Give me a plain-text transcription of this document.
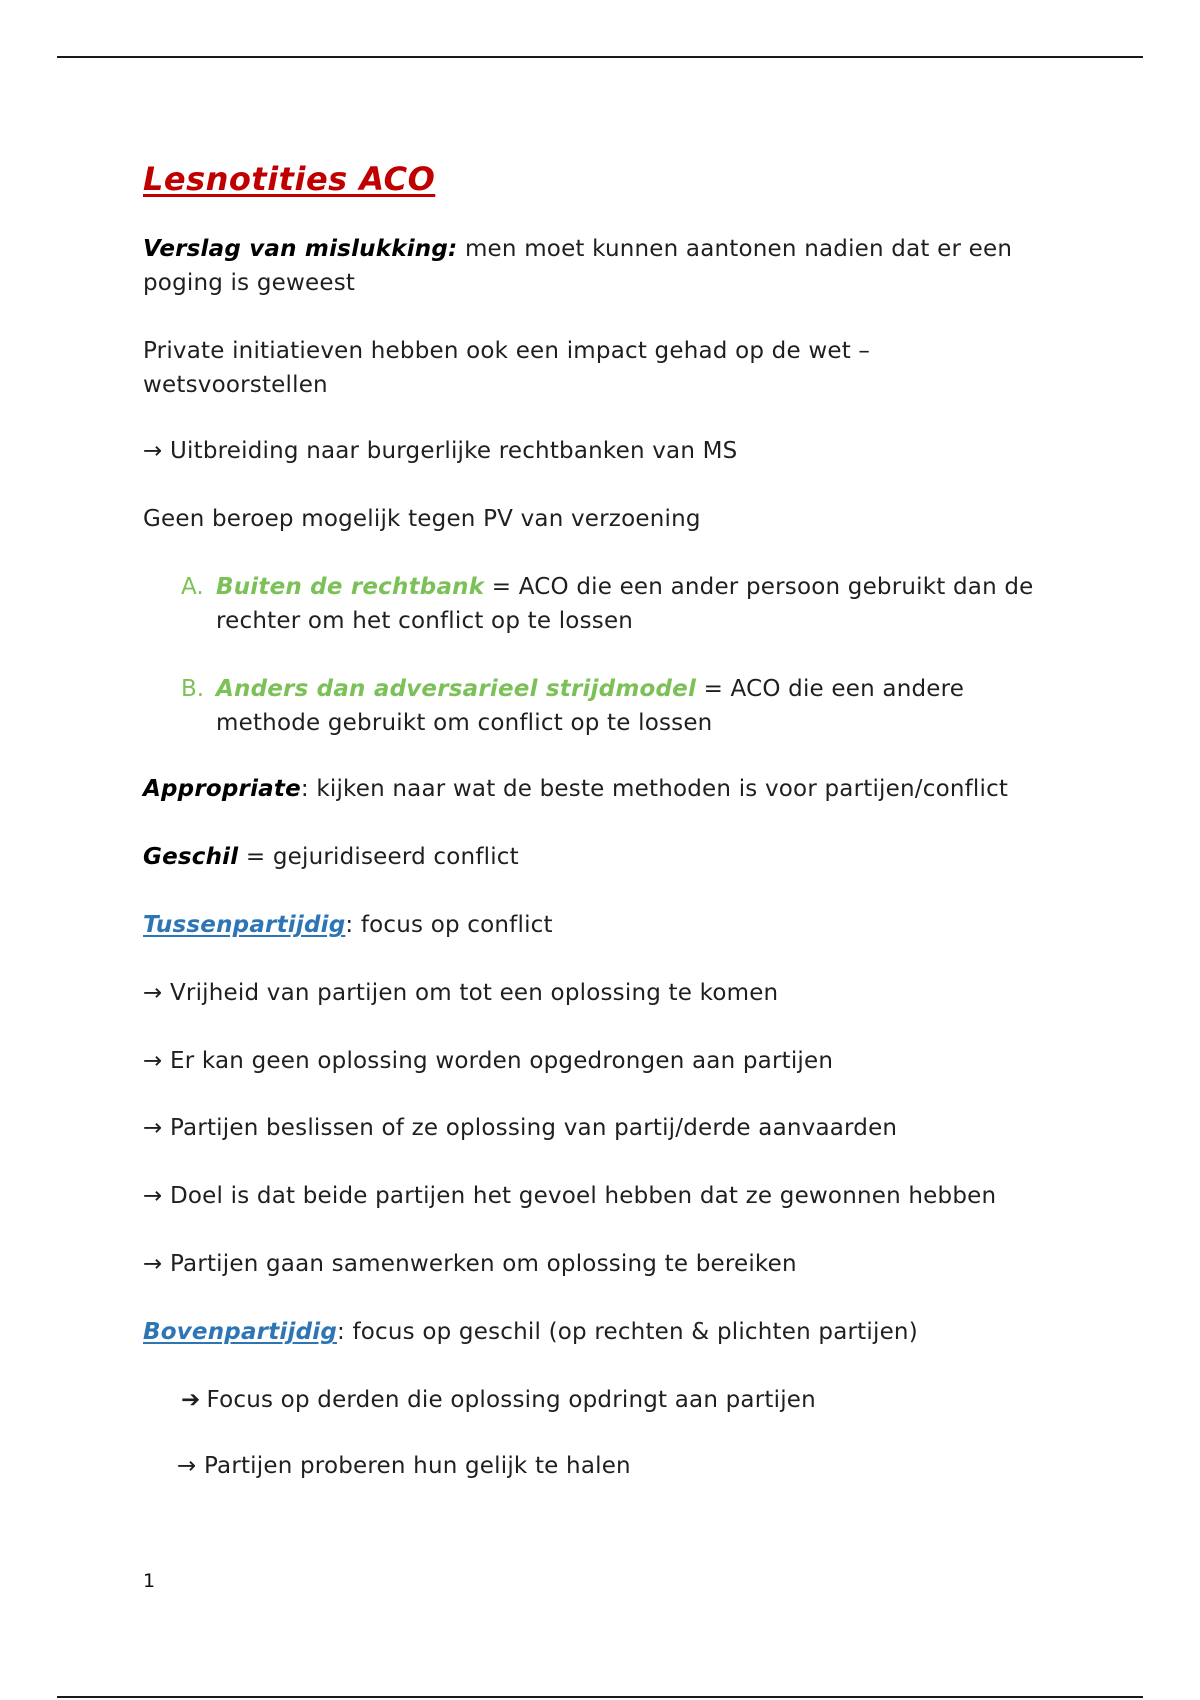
Lesnotities ACO

Verslag van mislukking: men moet kunnen aantonen nadien dat er een poging is geweest

Private initiatieven hebben ook een impact gehad op de wet – wetsvoorstellen

→ Uitbreiding naar burgerlijke rechtbanken van MS

Geen beroep mogelijk tegen PV van verzoening

A. Buiten de rechtbank = ACO die een ander persoon gebruikt dan de rechter om het conflict op te lossen

B. Anders dan adversarieel strijdmodel = ACO die een andere methode gebruikt om conflict op te lossen

Appropriate: kijken naar wat de beste methoden is voor partijen/conflict

Geschil = gejuridiseerd conflict

Tussenpartijdig: focus op conflict

→ Vrijheid van partijen om tot een oplossing te komen

→ Er kan geen oplossing worden opgedrongen aan partijen

→ Partijen beslissen of ze oplossing van partij/derde aanvaarden

→ Doel is dat beide partijen het gevoel hebben dat ze gewonnen hebben

→ Partijen gaan samenwerken om oplossing te bereiken

Bovenpartijdig: focus op geschil (op rechten & plichten partijen)

➔ Focus op derden die oplossing opdringt aan partijen

→ Partijen proberen hun gelijk te halen

1
